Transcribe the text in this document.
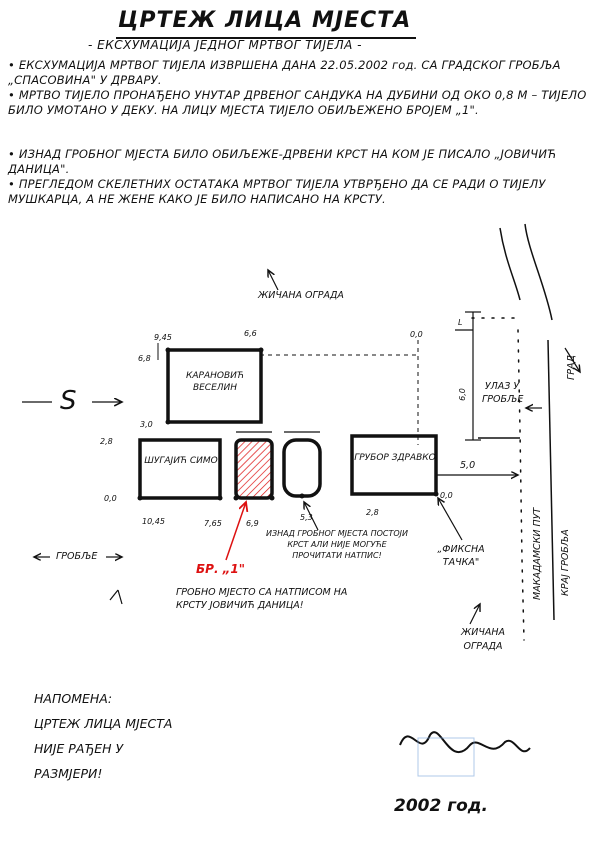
ЦРТЕЖ ЛИЦА МЈЕСТА
- ЕКСХУМАЦИЈА ЈЕДНОГ МРТВОГ ТИЈЕЛА -
• ЕКСХУМАЦИЈА МРТВОГ ТИЈЕЛА ИЗВРШЕНА ДАНА 22.05.2002 год. СА ГРАДСКОГ ГРОБЉА „СПАСОВИНА" У ДРВАРУ.
• МРТВО ТИЈЕЛО ПРОНАЂЕНО УНУТАР ДРВЕНОГ САНДУКА НА ДУБИНИ ОД ОКО 0,8 М – ТИЈЕЛО БИЛО УМОТАНО У ДЕКУ. НА ЛИЦУ МЈЕСТА ТИЈЕЛО ОБИЉЕЖЕНО БРОЈЕМ „1".
• ИЗНАД ГРОБНОГ МЈЕСТА БИЛО ОБИЉЕЖЕ-ДРВЕНИ КРСТ НА КОМ ЈЕ ПИСАЛО „ЈОВИЧИЋ ДАНИЦА".
• ПРЕГЛЕДОМ СКЕЛЕТНИХ ОСТАТАКА МРТВОГ ТИЈЕЛА УТВРЂЕНО ДА СЕ РАДИ О ТИЈЕЛУ МУШКАРЦА, А НЕ ЖЕНЕ КАКО ЈЕ БИЛО НАПИСАНО НА КРСТУ.
ЖИЧАНА ОГРАДА
S
КАРАНОВИЋ ВЕСЕЛИН
ШУГАЈИЋ СИМО	ГРУБОР ЗДРАВКО
9,45	6,6	0,0
6,8
3,0
2,8
0,0
10,45	7,65	6,9
5,3
2,8
5,0
0,0
6,0
L
УЛАЗ У ГРОБЉЕ
ГРАД
МАКАДАМСКИ ПУТ КРАЈ ГРОБЉА
ГРОБЉЕ
БР. „1"
ГРОБНО МЈЕСТО СА НАТПИСОМ НА КРСТУ ЈОВИЧИЋ ДАНИЦА!
ИЗНАД ГРОБНОГ МЈЕСТА ПОСТОЈИ КРСТ АЛИ НИЈЕ МОГУЋЕ ПРОЧИТАТИ НАТПИС!
„ФИКСНА ТАЧКА"
ЖИЧАНА ОГРАДА
НАПОМЕНА:
ЦРТЕЖ ЛИЦА МЈЕСТА
НИЈЕ РАЂЕН У
РАЗМЈЕРИ!
2002 год.
